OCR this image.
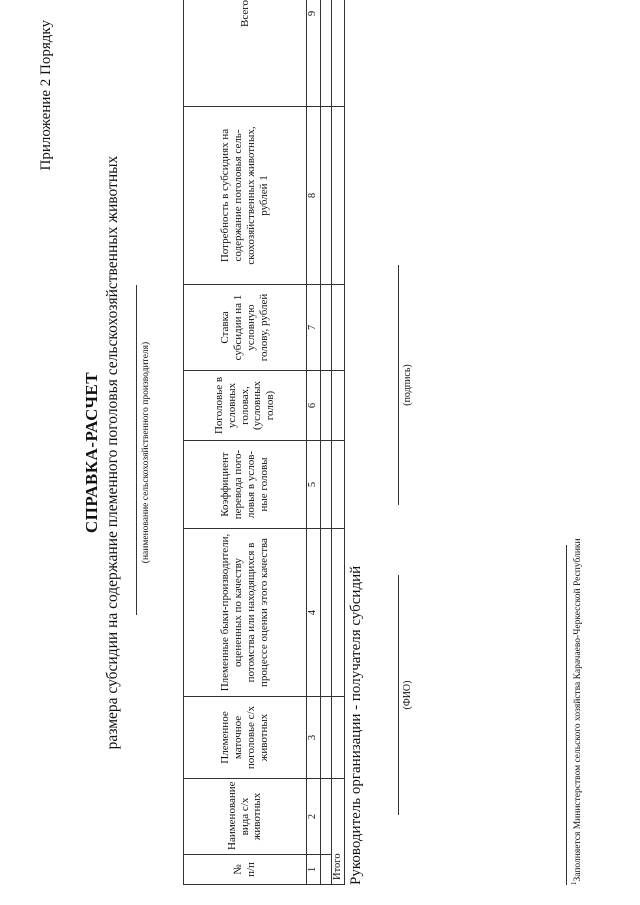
Приложение 2 Порядку
СПРАВКА-РАСЧЕТ размера субсидии на содержание племенного поголовья сельскохозяйственных животных (наименование сельскохозяйственного производителя)
№ п/п	Наименование вида с/х животных	Племенное маточное поголовье с/х животных	Племенные быки-производители, оцененных по качеству потомства или находящихся в процессе оценки этого качества	Коэффициент перевода пого-ловья в услов-ные головы	Поголовье в условных головах, (условных голов)	Ставка субсидии на 1 условную голову, рублей	Потребность в субсидиях на содержание поголовья сель-скохозяйственных животных, рублей 1	Всего
1	2	3	4	5	6	7	8	9

Итого								Руководитель организации - получателя субсидий	(ФИО)
(подпись)
$^1$Заполняется Министерством сельского хозяйства Карачаево-Черкесской Республики
